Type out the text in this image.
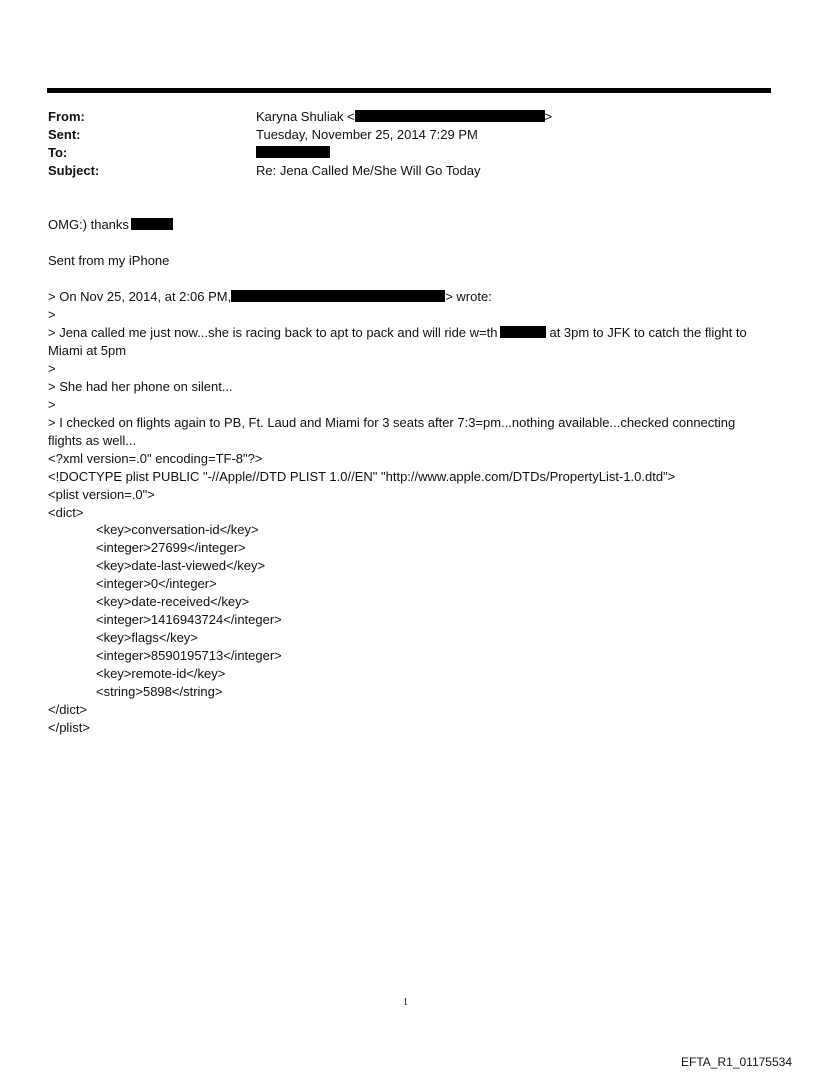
From:	Karyna Shuliak <	>
Sent:	Tuesday, November 25, 2014 7:29 PM
To:
Subject:	Re: Jena Called Me/She Will Go Today
OMG:) thanks
Sent from my iPhone
> On Nov 25, 2014, at 2:06 PM,	> wrote:
>
> Jena called me just now...she is racing back to apt to pack and will ride w=th	at 3pm to JFK to catch the flight to
Miami at 5pm
>
> She had her phone on silent...
>
> I checked on flights again to PB, Ft. Laud and Miami for 3 seats after 7:3=pm...nothing available...checked connecting
flights as well...
<?xml version=.0" encoding=TF-8"?>
<!DOCTYPE plist PUBLIC "-//Apple//DTD PLIST 1.0//EN" "http://www.apple.com/DTDs/PropertyList-1.0.dtd">
<plist version=.0">
<dict>
<key>conversation-id</key>
<integer>27699</integer>
<key>date-last-viewed</key>
<integer>0</integer>
<key>date-received</key>
<integer>1416943724</integer>
<key>flags</key>
<integer>8590195713</integer>
<key>remote-id</key>
<string>5898</string>
</dict>
</plist>
1
EFTA_R1_01175534
